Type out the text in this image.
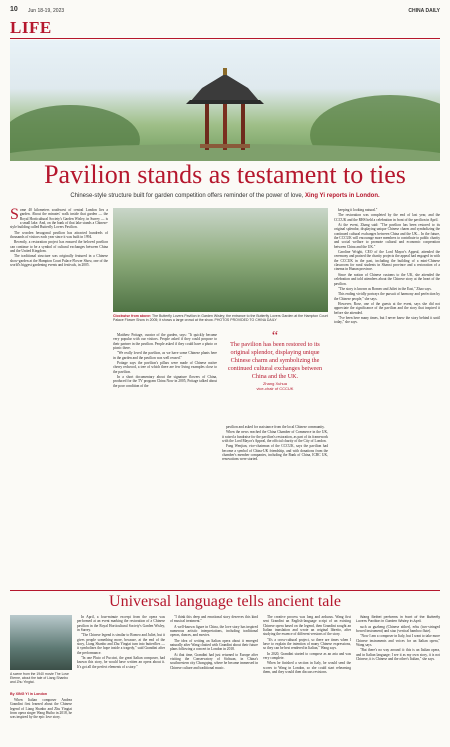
10 Jun 18-19, 2023	CHINA DAILY
LIFE
Pavilion stands as testament to ties
Chinese-style structure built for garden competition offers reminder of the power of love, Xing Yi reports in London.
S ome 40 kilometers southwest of central London lies a garden. About the minutes' walk inside that garden — the Royal Horticultural Society's Garden Wisley, in Surrey — is a small lake. And, on the bank of that lake stands a Chinese-style building called Butterfly Lovers Pavilion.

The wooden hexagonal pavilion has attracted hundreds of thousands of visitors each year since it was built in 1994.

Recently, a restoration project has ensured the beloved pavilion can continue to be a symbol of cultural exchanges between China and the United Kingdom.

The traditional structure was originally featured in a Chinese show-garden at the Hampton Court Palace Flower Show, one of the world's biggest gardening events and festivals, in 2005.

Clockwise from above: The Butterfly Lovers Pavilion in Garden Wisley; the entrance to the Butterfly Lovers Garden at the Hampton Court Palace Flower Show in 2005; it shows a large crowd at the show. PHOTOS PROVIDED TO CHINA DAILY

Matthew Pottage, curator of the garden, says: "It quickly became very popular with our visitors. People asked if they could propose to their partner in the pavilion. People asked if they could have a photo or picnic there.

"We really loved the pavilion, as we have some Chinese plants here in the garden and the pavilion was well reused."

Pottage says the pavilion's pillars were made of Chinese native cherry redwood, a tree of which there are few living examples close to the pavilion.

In a short documentary about the signature flowers of China, produced for the TV program China Now in 2005, Pottage talked about the poor condition of the

“
The pavilion has been restored to its original splendor, displaying unique Chinese charm and symbolizing the continued cultural exchanges between China and the UK.
Zhang Xuhua
vice-chair of CCCUK

pavilion and asked for assistance from the local Chinese community.

When the news reached the China Chamber of Commerce in the UK, it raised a fundraise for the pavilion's restoration, as part of its framework with the Lord Mayor's Appeal, the official charity of the City of London.

Fang Wenjian, vice-chairman of the CCCUK, says the pavilion had become a symbol of China-UK friendship, and with donations from the chamber's member companies, including the Bank of China, ICBC UK, renovations were started.

keeping it looking natural."

The restoration was completed by the end of last year, and the CCCUK and the RHS held a celebration in front of the pavilion in April.

At the event, Zhang said: "The pavilion has been restored to its original splendor, displaying unique Chinese charm and symbolizing the continued cultural exchanges between China and the UK... In the future, the CCCUK will encourage more members to contribute to public charity and social welfare to promote cultural and economic cooperation between China and the UK."

Caroline Wright, CEO of the Lord Mayor's Appeal, attended the ceremony and praised the charity projects the appeal had engaged in with the CCCUK in the past, including the building of a mini-Chinese classroom for rural students in Shanxi province and a restoration of a cinema in Hunan province.

Since the notion of Chinese customs to the UK, she attended the celebration and told attendees about the Chinese story at the heart of the pavilion.

"The story is known as Romeo and Juliet in the East," Zhao says.

This ending vividly portrays the pursuit of harmony and perfection by the Chinese people," she says.

However, Rose, one of the guests at the event, says she did not appreciate the significance of the pavilion and the story that inspired it before she attended.

"I've been here many times, but I never knew the story behind it until today," she says.

Universal language tells ancient tale
A scene from the 1940 movie The Love Eterne, about the tale of Liang Shanbo and Zhu Yingtai.
By XING YI in London

When Italian composer Andrea Grandini first learned about the Chinese legend of Liang Shanbo and Zhu Yingtai from opera singer Wang Huibo in 2018, he was inspired by the epic love story.

In April, a four-minute excerpt from the opera was performed at an event marking the restoration of a Chinese pavilion in the Royal Horticultural Society's Garden Wisley, in Surrey.

"The Chinese legend is similar to Romeo and Juliet, but it gives people something more, because, at the end of the story, Liang Shanbo and Zhu Yingtai turn into butterflies — it symbolizes the hope inside a tragedy," said Grandini after the performance.

"In one Pluto of Puccini, the great Italian composer, had known this story, he would have written an opera about it. It's got all the perfect elements of a story."

"I think this deep and emotional story deserves this kind of musical treatment."

A well-known figure in China, the love story has inspired numerous artistic interpretations, including traditional operas, dances, and movies.

The idea of writing an Italian opera about it emerged naturally after Wang chatted with Grandini about their future plans following a concert in London in 2018.

At that time, Grandini had just returned to Europe after visiting the Conservatory of Sichuan, in China's southwestern city Chongqing, where he became immersed in Chinese culture and traditional music.

The creative process was long and arduous. Wang first sent Grandini an English-language script of an existing Chinese opera based on the legend, then Grandini sought an Italian translation and wrote an original libretto, after studying the essence of different versions of the story.

"It's a cross-cultural project, so there are times when I have to explain the intention of many Chinese expressions, so they can be best rendered in Italian," Wang says.

In 2020, Grandini started to compose as an aria and was very complete.

When he finished a section in Italy, he would send the scores to Wang in London, so she could start rehearsing them, and they would then discuss revisions.

Wang Beibei performs in front of the Butterfly Lovers Pavilion in Garden Wisley in April.

such as guzheng (Chinese zither), erhu (two-stringed bowed instrument) and xiao (vertical bamboo flute).

"Now I am a composer in Italy, but I want to take more Chinese instruments and voices for an Italian opera," Wang says.

"But there's no way around it: this is an Italian opera, and in Italian language; I see it as my own story, it is not Chinese, it is Chinese and the other's Italian," she says.
